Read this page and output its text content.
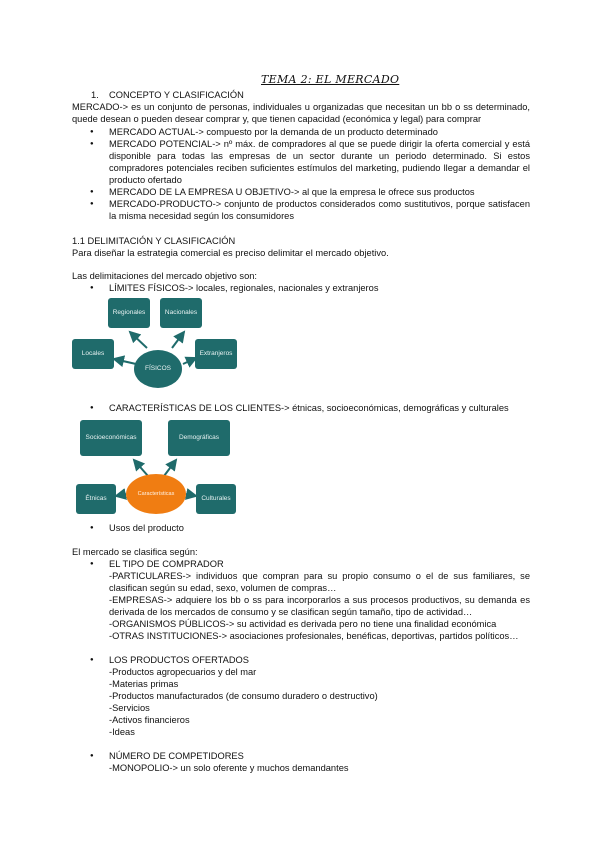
TEMA 2: EL MERCADO
1. CONCEPTO Y CLASIFICACIÓN
MERCADO-> es un conjunto de personas, individuales u organizadas que necesitan un bb o ss determinado, quede desean o pueden desear comprar y, que tienen capacidad (económica y legal) para comprar
● MERCADO ACTUAL-> compuesto por la demanda de un producto determinado
● MERCADO POTENCIAL-> nº máx. de compradores al que se puede dirigir la oferta comercial y está disponible para todas las empresas de un sector durante un periodo determinado. Si estos compradores potenciales reciben suficientes estímulos del marketing, pudiendo llegar a demandar el producto ofertado
● MERCADO DE LA EMPRESA U OBJETIVO-> al que la empresa le ofrece sus productos
● MERCADO-PRODUCTO-> conjunto de productos considerados como sustitutivos, porque satisfacen la misma necesidad según los consumidores
1.1 DELIMITACIÓN Y CLASIFICACIÓN
Para diseñar la estrategia comercial es preciso delimitar el mercado objetivo.
Las delimitaciones del mercado objetivo son:
● LÍMITES FÍSICOS-> locales, regionales, nacionales y extranjeros
Regionales	Nacionales
Locales	Extranjeros
FÍSICOS
● CARACTERÍSTICAS DE LOS CLIENTES-> étnicas, socioeconómicas, demográficas y culturales
Socioeconómicas	Demográficas
Étnicas	Culturales
Características
● Usos del producto
El mercado se clasifica según:
● EL TIPO DE COMPRADOR
-PARTICULARES-> individuos que compran para su propio consumo o el de sus familiares, se clasifican según su edad, sexo, volumen de compras…
-EMPRESAS-> adquiere los bb o ss para incorporarlos a sus procesos productivos, su demanda es derivada de los mercados de consumo y se clasifican según tamaño, tipo de actividad…
-ORGANISMOS PÚBLICOS-> su actividad es derivada pero no tiene una finalidad económica
-OTRAS INSTITUCIONES-> asociaciones profesionales, benéficas, deportivas, partidos políticos…
● LOS PRODUCTOS OFERTADOS
-Productos agropecuarios y del mar
-Materias primas
-Productos manufacturados (de consumo duradero o destructivo)
-Servicios
-Activos financieros
-Ideas
● NÚMERO DE COMPETIDORES
-MONOPOLIO-> un solo oferente y muchos demandantes
